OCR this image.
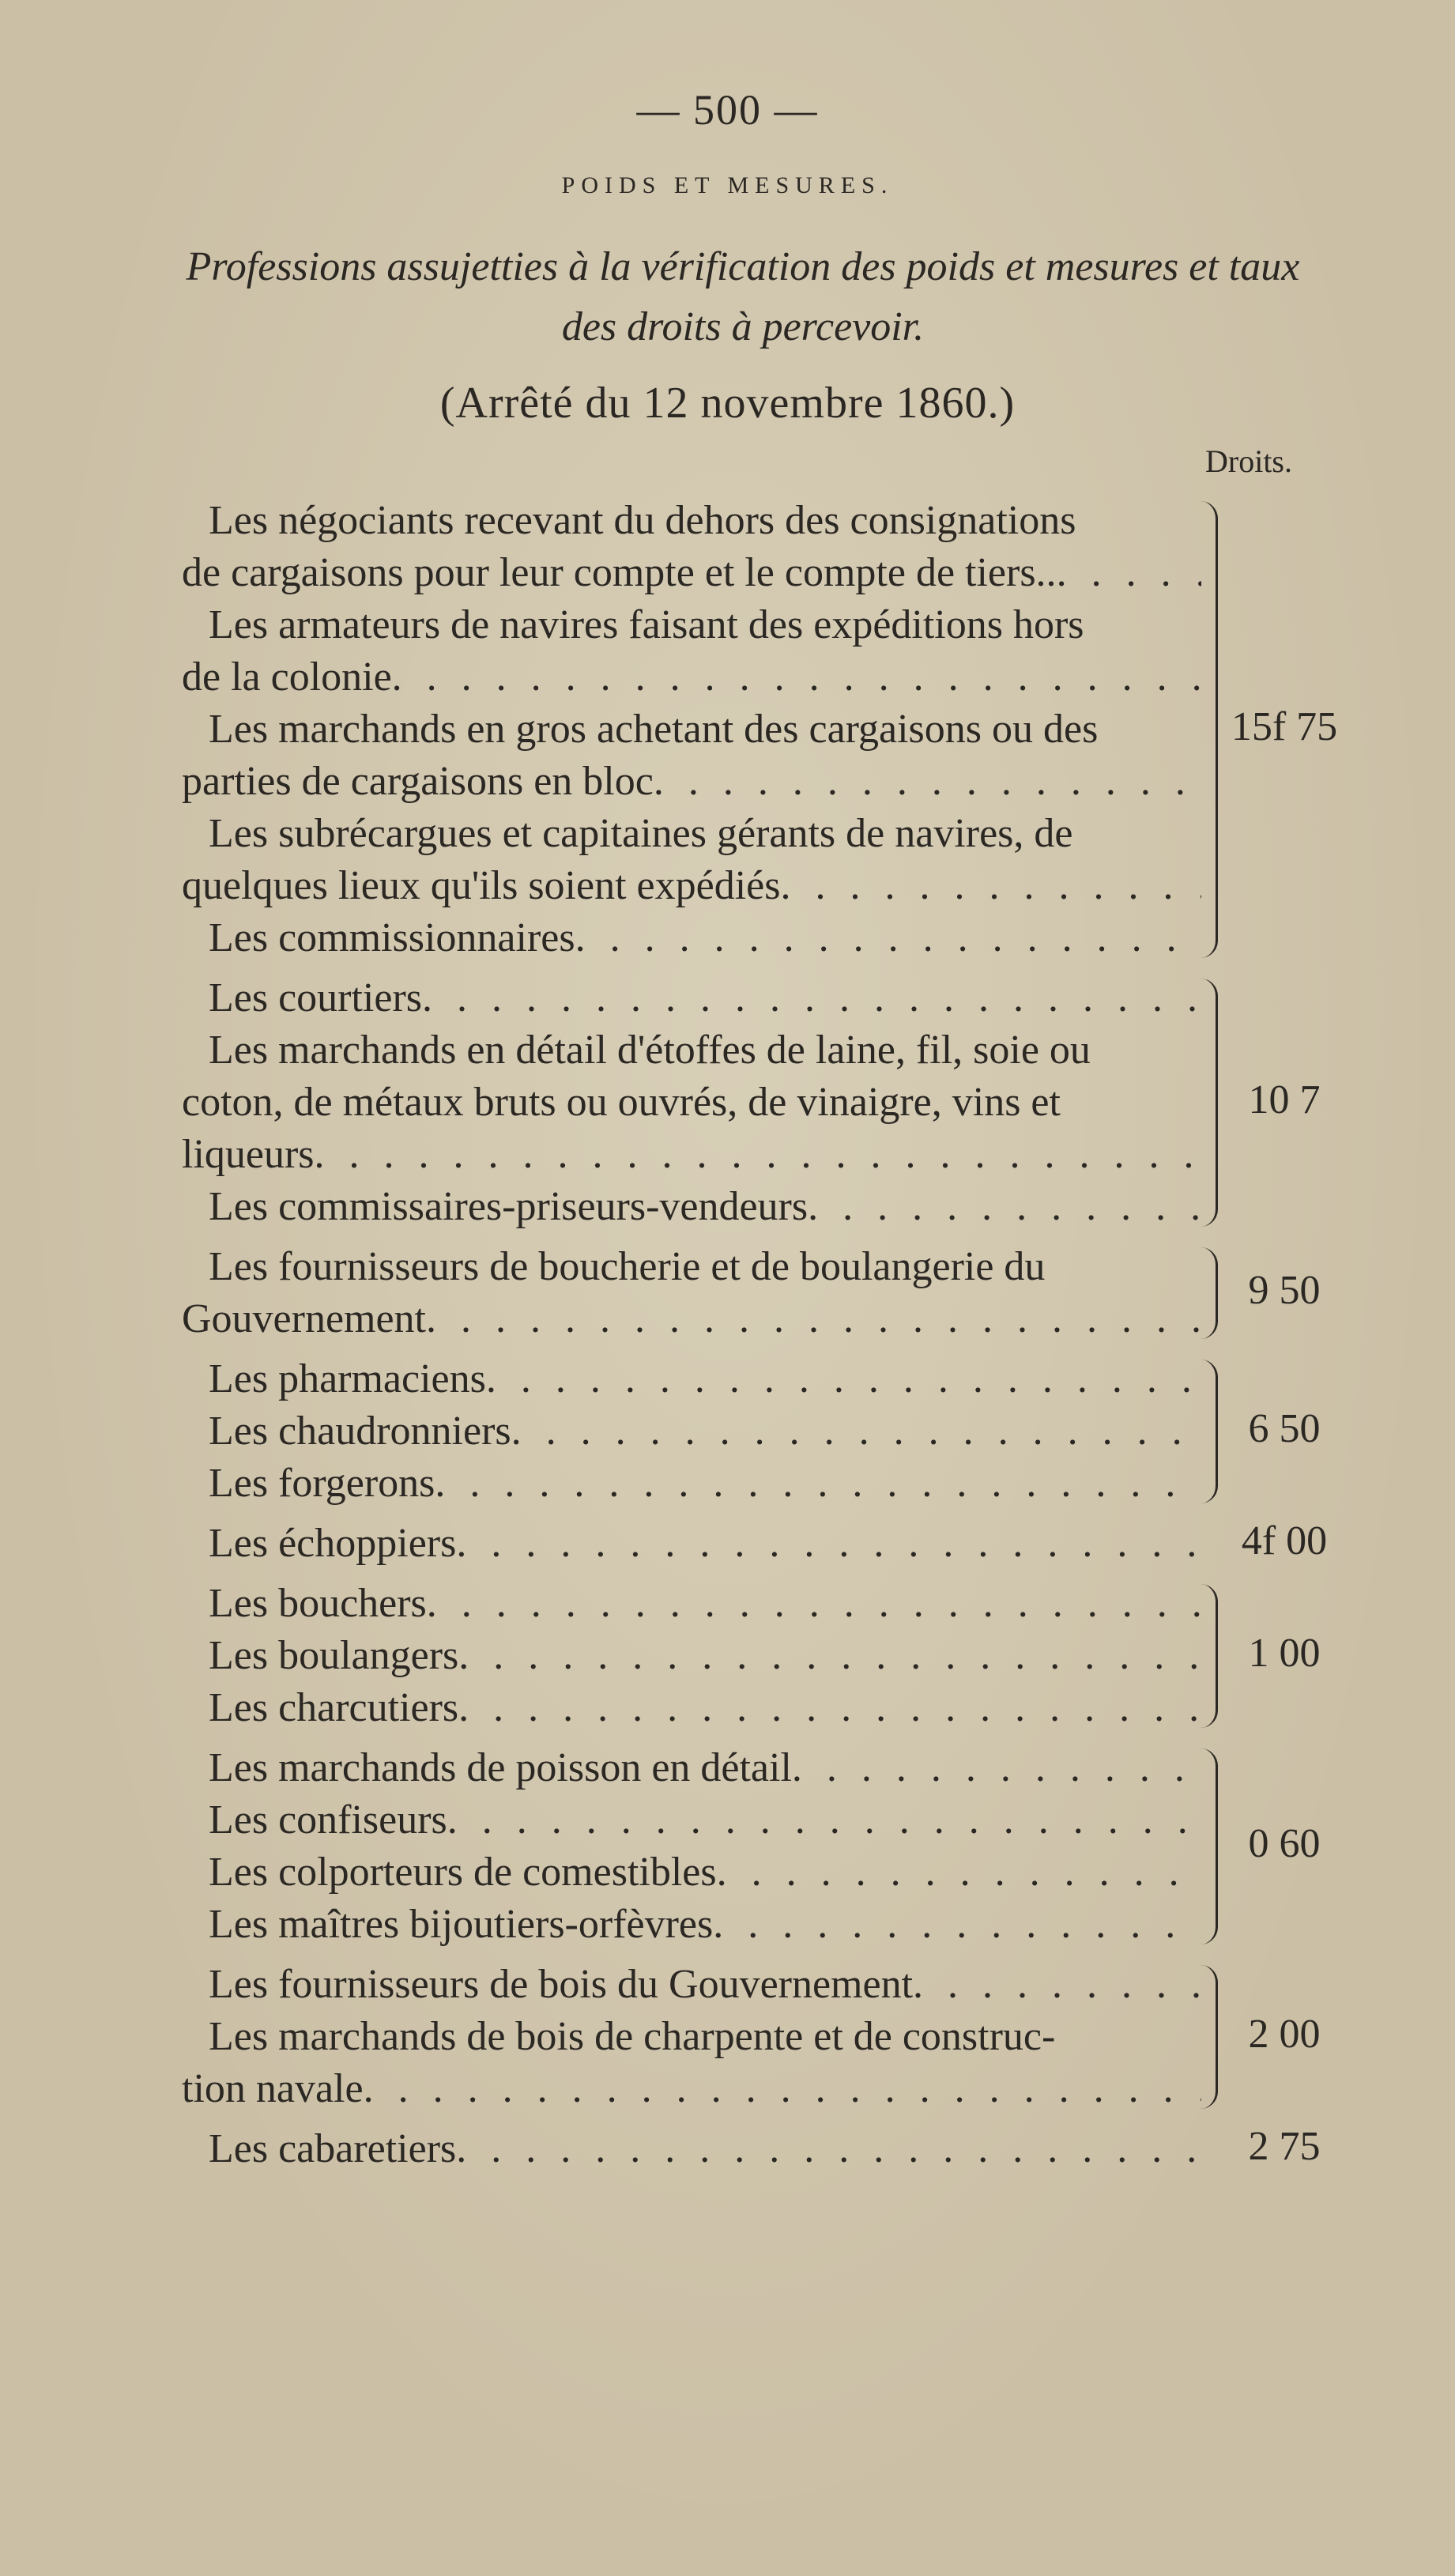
— 500 —
POIDS ET MESURES.
Professions assujetties à la vérification des poids et mesures et taux des droits à percevoir.
(Arrêté du 12 novembre 1860.)
Droits.
Les négociants recevant du dehors des consignations
de cargaisons pour leur compte et le compte de tiers..
. . .
Les armateurs de navires faisant des expéditions hors
de la colonie
. . .
Les marchands en gros achetant des cargaisons ou des
parties de cargaisons en bloc
. . .
Les subrécargues et capitaines gérants de navires, de
quelques lieux qu'ils soient expédiés
. . .
Les commissionnaires
. . .
15f 75
Les courtiers
. . .
Les marchands en détail d'étoffes de laine, fil, soie ou
coton, de métaux bruts ou ouvrés, de vinaigre, vins et
liqueurs
. . .
Les commissaires-priseurs-vendeurs
. . .
10 7
Les fournisseurs de boucherie et de boulangerie du
Gouvernement
. . .
9 50
Les pharmaciens
. . .
Les chaudronniers
. . .
Les forgerons
. . .
6 50
Les échoppiers . . .	4f 00
Les bouchers
. . .
Les boulangers
. . .
Les charcutiers
. . .
1 00
Les marchands de poisson en détail
. . .
Les confiseurs
. . .
Les colporteurs de comestibles
. . .
Les maîtres bijoutiers-orfèvres
. . .
0 60
Les fournisseurs de bois du Gouvernement
. . .
Les marchands de bois de charpente et de construc-
tion navale
. . .
2 00
Les cabaretiers . . .	2 75
